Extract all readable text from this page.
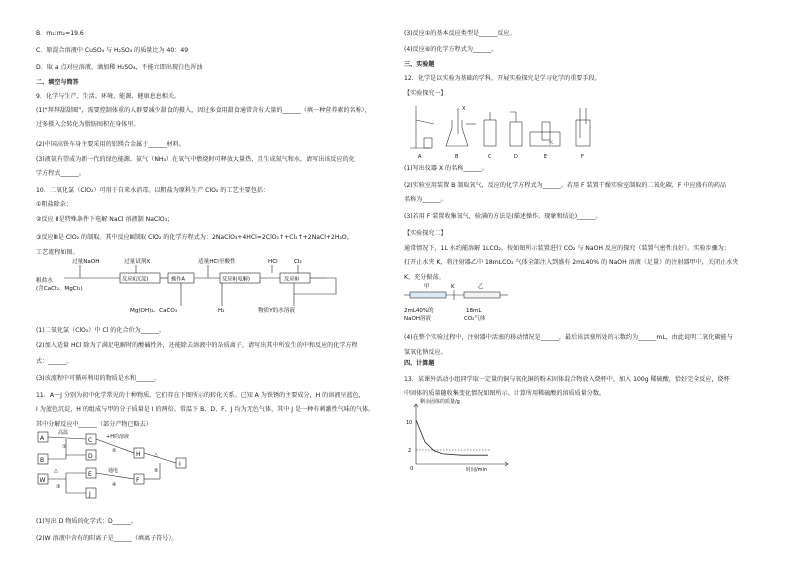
B．m₁:m₂=19.6
C．原混合溶液中 CuSO₄ 与 H₂SO₄ 的质量比为 40：49
D．取 a 点对应溶液，滴加稀 H₂SO₄，不能立即出现白色浑浊
二、填空与简答
9．化学与生产、生活、环境、能源、健康息息相关。
(1)“拜拜甜甜圈”，需要控制体重的人群要减少甜食的摄入，因过多食用甜食通常含有大量的______（填一种营养素的名称），
过多摄入会转化为脂肪囤积在身体里。
(2)中国高铁车身主要采用的铝镁合金属于______材料。
(3)液氨有望成为新一代的绿色能源。氨气（NH₃）在氧气中燃烧时可释放大量热，且生成氮气和水，请写出该反应的化
学方程式______。
10．二氧化氯（ClO₂）可用于自来水消毒。以粗盐为原料生产 ClO₂ 的工艺主要包括：
①粗盐除杂；
②反应 Ⅱ是特殊条件下电解 NaCl 溶液制 NaClO₃；
③反应Ⅲ是 ClO₂ 的制取。其中反应Ⅲ制取 ClO₂ 的化学方程式为：2NaClO₃+4HCl=2ClO₂↑+Cl₂↑+2NaCl+2H₂O。
工艺流程如图。
(1)二氧化氯（ClO₂）中 Cl 的化合价为______。
(2)加入适量 HCl 除为了满足电解时的酸碱性外，还能除去溶液中的杂质离子，请写出其中所发生的中和反应的化学方程
式：______。
(3)该流程中可循环利用的物质是水和______。
11．A～J 分别为初中化学常见的十种物质，它们存在下图所示的转化关系。已知 A 为铁锈的主要成分，H 的溶液呈蓝色，
I 为蓝色沉淀，H 的组成与甲的分子质量是 I 的两倍。常温下 B、D、F、J 均为无色气体，其中 J 是一种有刺激性气味的气体。
其中分解反应中______（部分产物已略去）
(1)写出 D 物质的化学式：D______。
(2)W 溶液中含有的阳离子是______（填离子符号）。
过量NaOH	过量试剂X	适量HCl至酸性	HCl	Cl₂
粗盐水
(含CaCl₂、MgCl₂)
Mg(OH)₂、CaCO₃	H₂	物质Y的水溶液
反应I(沉淀)	操作A	反应II(电解)	反应III
A
B
W
C
D
E
J
H
F
I
高温
①
△
③
+H的溶液
②
通电
④
△
⑤
(3)反应①的基本反应类型是______反应。
(4)反应⑥的化学方程式为______。
三、实验题
12．化学是以实验为基础的学科，开展实验探究是学习化学的重要手段。
【实验探究一】
(1)写出仪器 X 的名称______。
(2)实验室用装置 B 制取氧气，反应的化学方程式为______。若用 F 装置干燥实验室制取的二氧化碳，F 中应盛有的药品
名称为______。
(3)若用 F 装置收集氧气，验满的方法是(描述操作、现象和结论)______。
【实验探究二】
通常情况下，1L 水约能溶解 1LCO₂，按如图所示装置进行 CO₂ 与 NaOH 反应的探究（装置气密性良好）。实验步骤为：
打开止水夹 K，将注射器乙中 18mLCO₂ 气体全部注入到盛有 2mL40% 的 NaOH 溶液（足量）的注射器甲中，关闭止水夹
K，充分振荡。
(4)在整个实验过程中，注射器中活塞的移动情况是______，最后该活塞所处的示数约为______mL，由此说明二氧化碳能与
氢氧化钠反应。
四、计算题
13．某课外活动小组同学取一定量的铜与氧化铜的粉末固体混合物放入烧杯中，加入 100g 稀硫酸，恰好完全反应，烧杯
中固体的质量随收集变化情况如图所示。计算所用稀硫酸的溶质质量分数。
A	B	C	D	E	F
X
水
甲	K	乙
2mL40%的
NaOH溶液
18mL
CO₂气体
剩余固体的质量/g
时间/min
0
10
2
